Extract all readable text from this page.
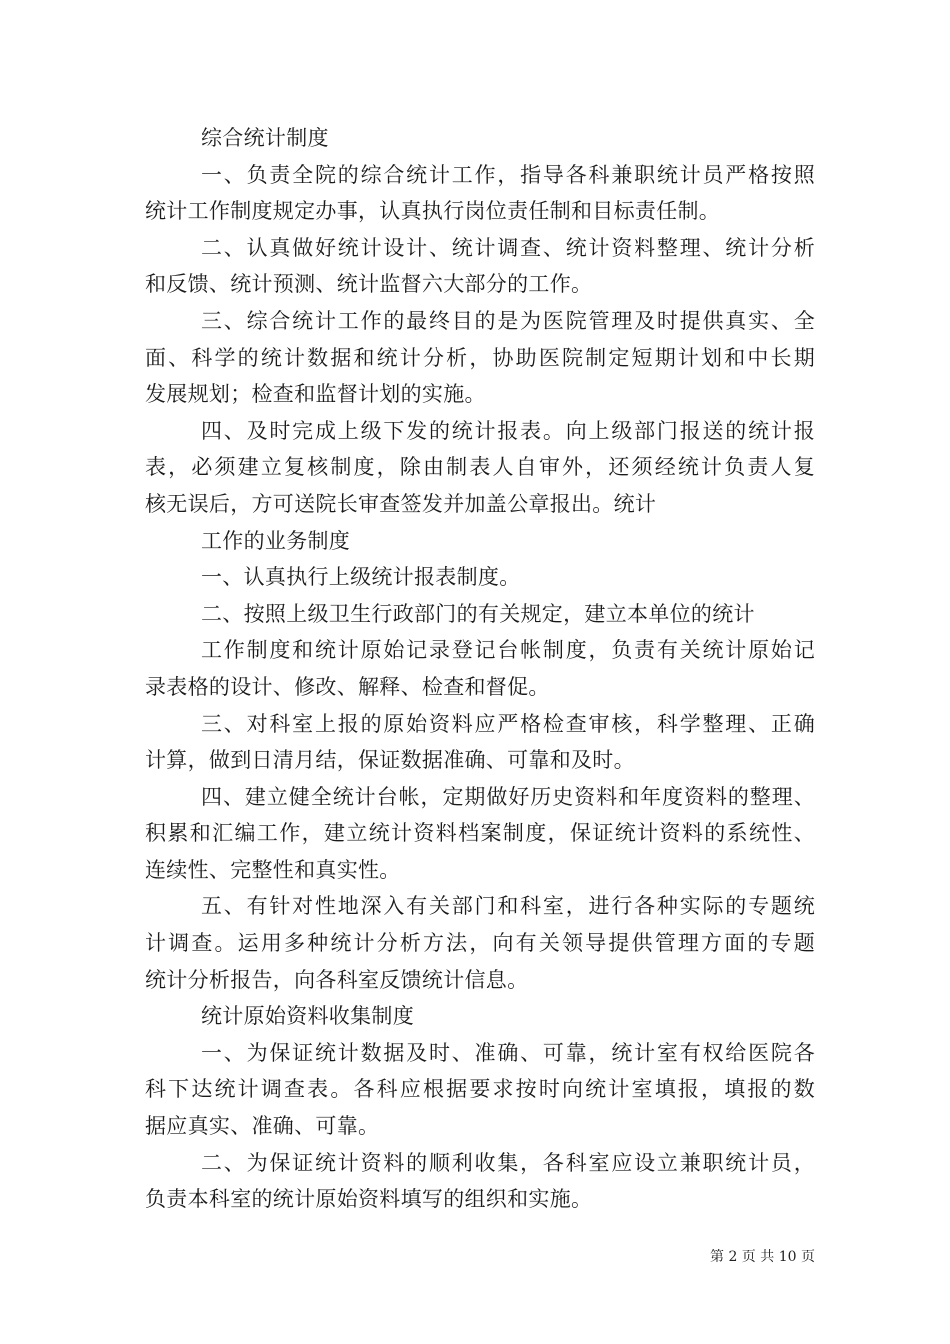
综合统计制度
一、负责全院的综合统计工作，指导各科兼职统计员严格按照
统计工作制度规定办事，认真执行岗位责任制和目标责任制。
二、认真做好统计设计、统计调查、统计资料整理、统计分析
和反馈、统计预测、统计监督六大部分的工作。
三、综合统计工作的最终目的是为医院管理及时提供真实、全
面、科学的统计数据和统计分析，协助医院制定短期计划和中长期
发展规划；检查和监督计划的实施。
四、及时完成上级下发的统计报表。向上级部门报送的统计报
表，必须建立复核制度，除由制表人自审外，还须经统计负责人复
核无误后，方可送院长审查签发并加盖公章报出。统计
工作的业务制度
一、认真执行上级统计报表制度。
二、按照上级卫生行政部门的有关规定，建立本单位的统计
工作制度和统计原始记录登记台帐制度，负责有关统计原始记
录表格的设计、修改、解释、检查和督促。
三、对科室上报的原始资料应严格检查审核，科学整理、正确
计算，做到日清月结，保证数据准确、可靠和及时。
四、建立健全统计台帐，定期做好历史资料和年度资料的整理、
积累和汇编工作，建立统计资料档案制度，保证统计资料的系统性、
连续性、完整性和真实性。
五、有针对性地深入有关部门和科室，进行各种实际的专题统
计调查。运用多种统计分析方法，向有关领导提供管理方面的专题
统计分析报告，向各科室反馈统计信息。
统计原始资料收集制度
一、为保证统计数据及时、准确、可靠，统计室有权给医院各
科下达统计调查表。各科应根据要求按时向统计室填报，填报的数
据应真实、准确、可靠。
二、为保证统计资料的顺利收集，各科室应设立兼职统计员，
负责本科室的统计原始资料填写的组织和实施。
第 2 页 共 10 页
